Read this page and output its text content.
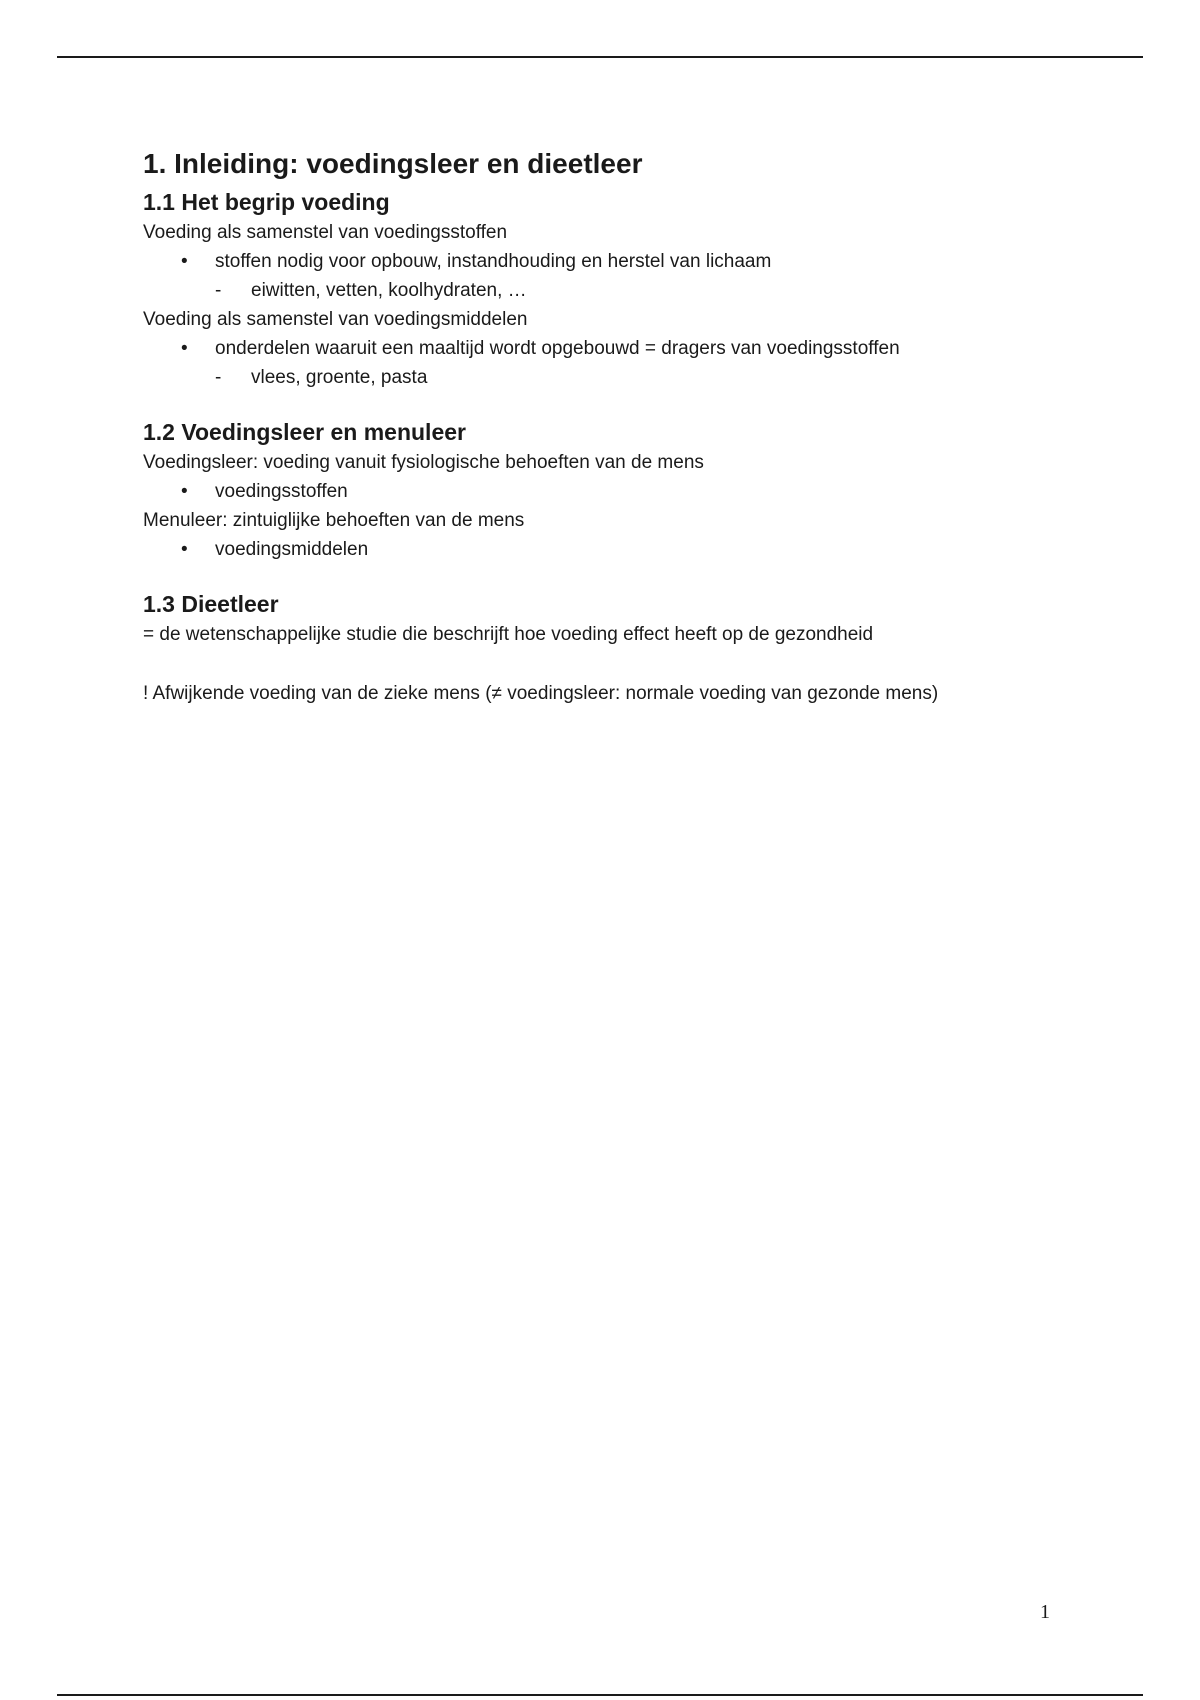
1. Inleiding: voedingsleer en dieetleer
1.1 Het begrip voeding

Voeding als samenstel van voedingsstoffen

• stoffen nodig voor opbouw, instandhouding en herstel van lichaam
- eiwitten, vetten, koolhydraten, …

Voeding als samenstel van voedingsmiddelen

• onderdelen waaruit een maaltijd wordt opgebouwd = dragers van voedingsstoffen
- vlees, groente, pasta
1.2 Voedingsleer en menuleer

Voedingsleer: voeding vanuit fysiologische behoeften van de mens

• voedingsstoffen

Menuleer: zintuiglijke behoeften van de mens

• voedingsmiddelen
1.3 Dieetleer

= de wetenschappelijke studie die beschrijft hoe voeding effect heeft op de gezondheid

! Afwijkende voeding van de zieke mens (≠ voedingsleer: normale voeding van gezonde mens)

1
